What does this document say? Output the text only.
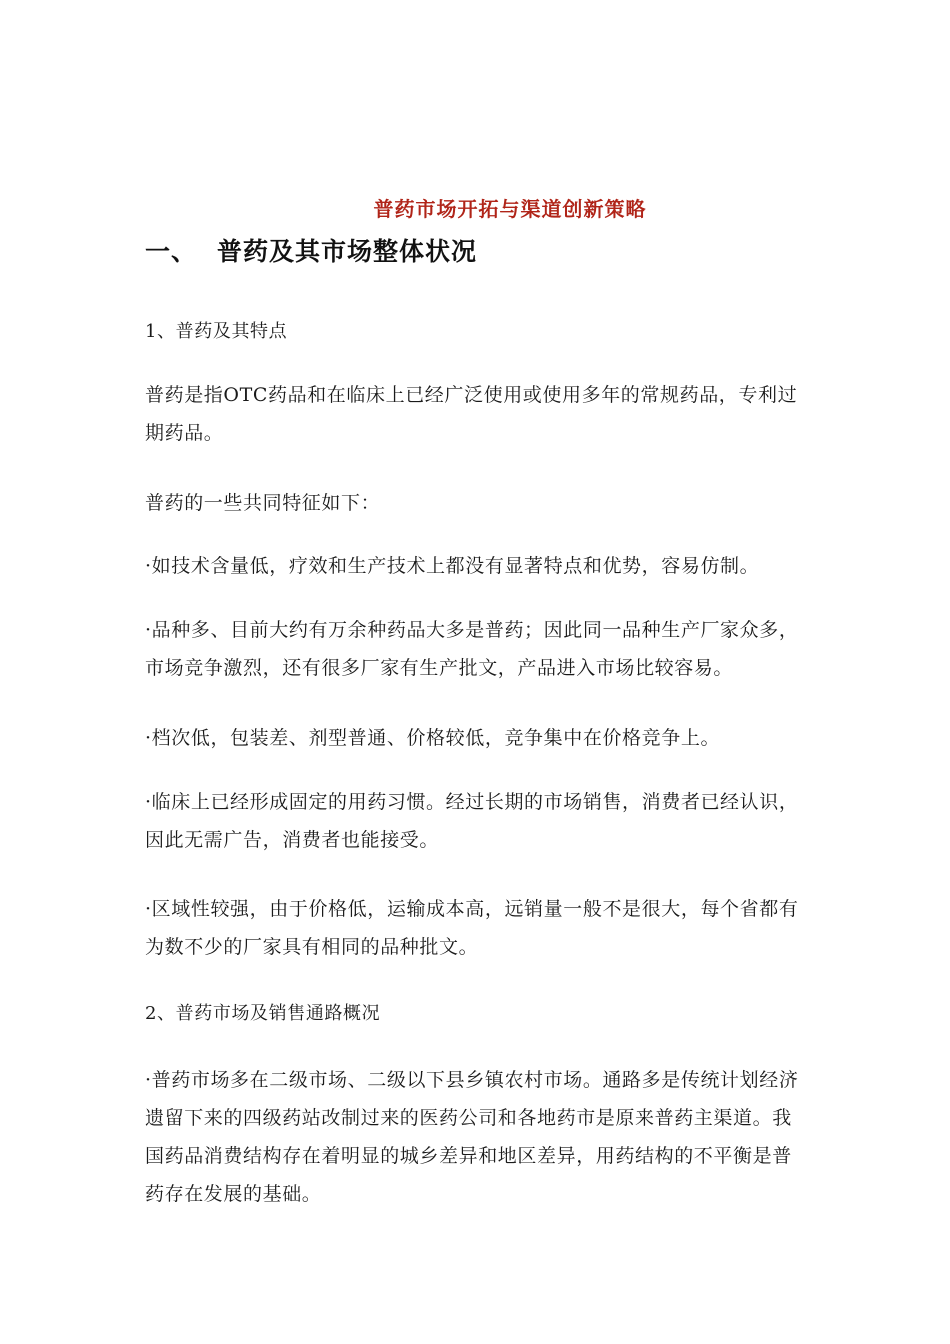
普药市场开拓与渠道创新策略
一、 普药及其市场整体状况
1、普药及其特点
普药是指OTC药品和在临床上已经广泛使用或使用多年的常规药品，专利过期药品。
普药的一些共同特征如下：
·如技术含量低，疗效和生产技术上都没有显著特点和优势，容易仿制。
·品种多、目前大约有万余种药品大多是普药；因此同一品种生产厂家众多，市场竞争激烈，还有很多厂家有生产批文，产品进入市场比较容易。
·档次低，包装差、剂型普通、价格较低，竞争集中在价格竞争上。
·临床上已经形成固定的用药习惯。经过长期的市场销售，消费者已经认识，因此无需广告，消费者也能接受。
·区域性较强，由于价格低，运输成本高，远销量一般不是很大，每个省都有为数不少的厂家具有相同的品种批文。
2、普药市场及销售通路概况
·普药市场多在二级市场、二级以下县乡镇农村市场。通路多是传统计划经济遗留下来的四级药站改制过来的医药公司和各地药市是原来普药主渠道。我国药品消费结构存在着明显的城乡差异和地区差异，用药结构的不平衡是普药存在发展的基础。
